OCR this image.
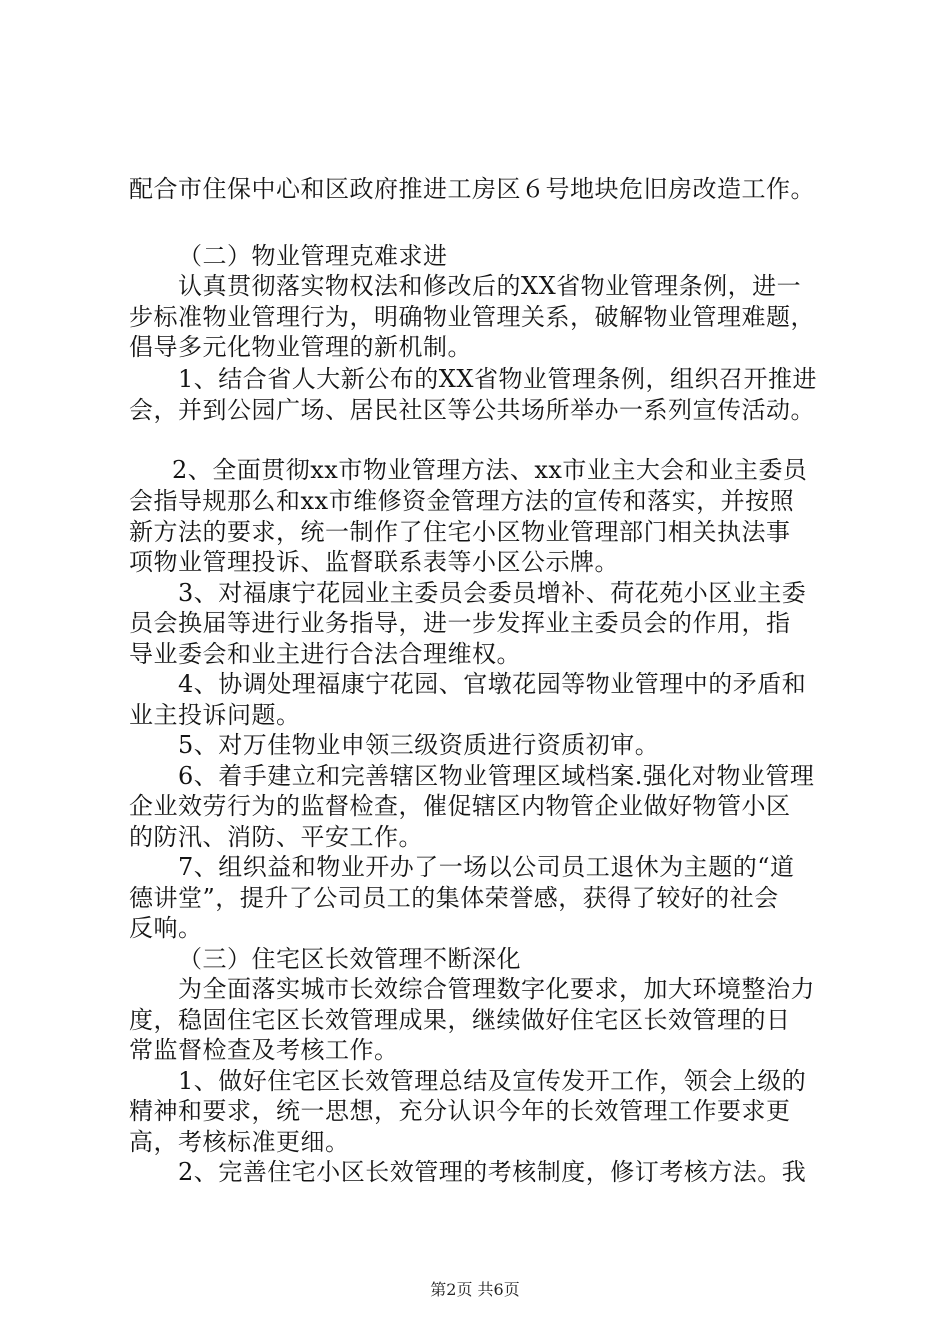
配合市住保中心和区政府推进工房区６号地块危旧房改造工作。
（二）物业管理克难求进
认真贯彻落实物权法和修改后的XX省物业管理条例，进一
步标准物业管理行为，明确物业管理关系，破解物业管理难题，
倡导多元化物业管理的新机制。
1、结合省人大新公布的XX省物业管理条例，组织召开推进
会，并到公园广场、居民社区等公共场所举办一系列宣传活动。
2、全面贯彻xx市物业管理方法、xx市业主大会和业主委员
会指导规那么和xx市维修资金管理方法的宣传和落实，并按照
新方法的要求，统一制作了住宅小区物业管理部门相关执法事
项物业管理投诉、监督联系表等小区公示牌。
3、对福康宁花园业主委员会委员增补、荷花苑小区业主委
员会换届等进行业务指导，进一步发挥业主委员会的作用，指
导业委会和业主进行合法合理维权。
4、协调处理福康宁花园、官墩花园等物业管理中的矛盾和
业主投诉问题。
5、对万佳物业申领三级资质进行资质初审。
6、着手建立和完善辖区物业管理区域档案.强化对物业管理
企业效劳行为的监督检查，催促辖区内物管企业做好物管小区
的防汛、消防、平安工作。
7、组织益和物业开办了一场以公司员工退休为主题的“道
德讲堂”，提升了公司员工的集体荣誉感，获得了较好的社会
反响。
（三）住宅区长效管理不断深化
为全面落实城市长效综合管理数字化要求，加大环境整治力
度，稳固住宅区长效管理成果，继续做好住宅区长效管理的日
常监督检查及考核工作。
1、做好住宅区长效管理总结及宣传发开工作，领会上级的
精神和要求，统一思想，充分认识今年的长效管理工作要求更
高，考核标准更细。
2、完善住宅小区长效管理的考核制度，修订考核方法。我
第2页 共6页
